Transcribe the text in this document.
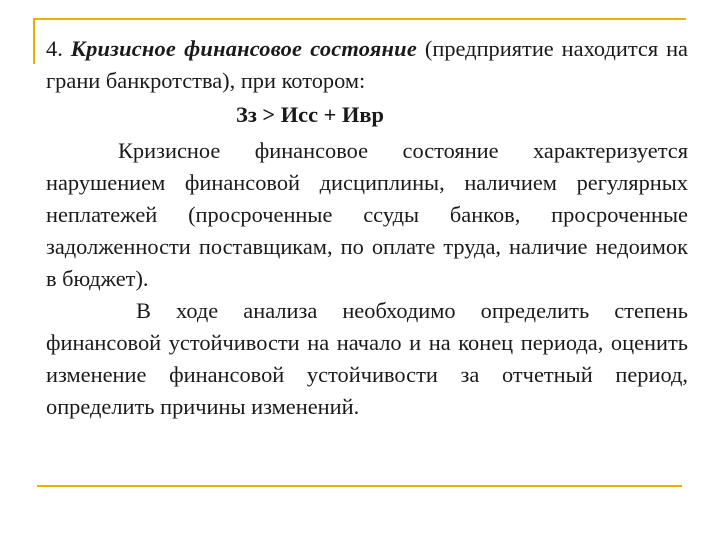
4. Кризисное финансовое состояние (предприятие находится на грани банкротства), при котором:

Зз > Исс + Ивр

Кризисное финансовое состояние характеризуется нарушением финансовой дисциплины, наличием регулярных неплатежей (просроченные ссуды банков, просроченные задолженности поставщикам, по оплате труда, наличие недоимок в бюджет).

В ходе анализа необходимо определить степень финансовой устойчивости на начало и на конец периода, оценить изменение финансовой устойчивости за отчетный период, определить причины изменений.
